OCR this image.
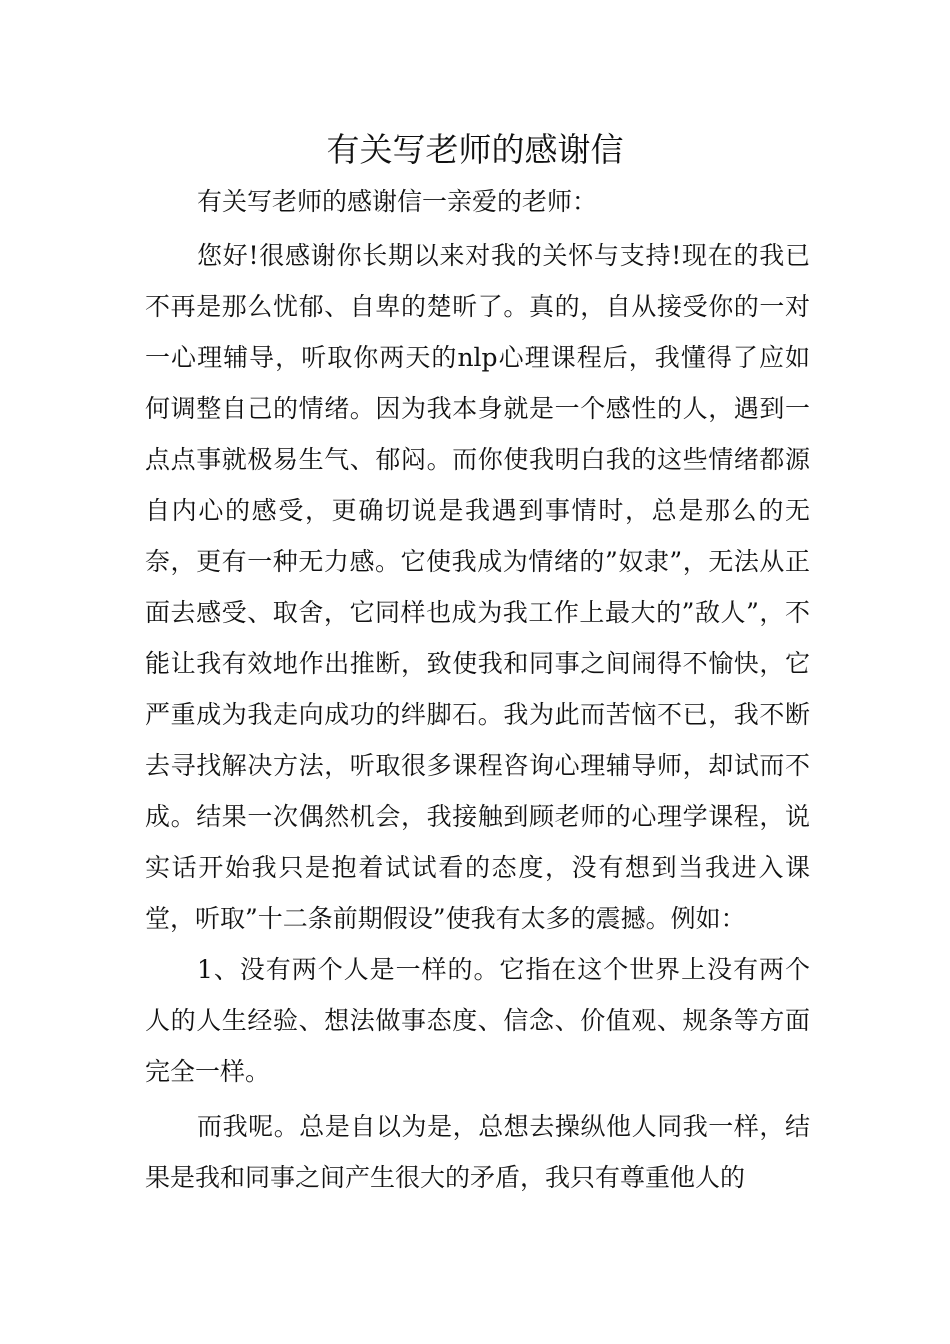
有关写老师的感谢信

有关写老师的感谢信一亲爱的老师：

您好!很感谢你长期以来对我的关怀与支持!现在的我已不再是那么忧郁、自卑的楚昕了。真的，自从接受你的一对一心理辅导，听取你两天的nlp心理课程后，我懂得了应如何调整自己的情绪。因为我本身就是一个感性的人，遇到一点点事就极易生气、郁闷。而你使我明白我的这些情绪都源自内心的感受，更确切说是我遇到事情时，总是那么的无奈，更有一种无力感。它使我成为情绪的”奴隶”，无法从正面去感受、取舍，它同样也成为我工作上最大的”敌人”，不能让我有效地作出推断，致使我和同事之间闹得不愉快，它严重成为我走向成功的绊脚石。我为此而苦恼不已，我不断去寻找解决方法，听取很多课程咨询心理辅导师，却试而不成。结果一次偶然机会，我接触到顾老师的心理学课程，说实话开始我只是抱着试试看的态度，没有想到当我进入课堂，听取”十二条前期假设”使我有太多的震撼。例如：

1、没有两个人是一样的。它指在这个世界上没有两个人的人生经验、想法做事态度、信念、价值观、规条等方面完全一样。

而我呢。总是自以为是，总想去操纵他人同我一样，结果是我和同事之间产生很大的矛盾，我只有尊重他人的
